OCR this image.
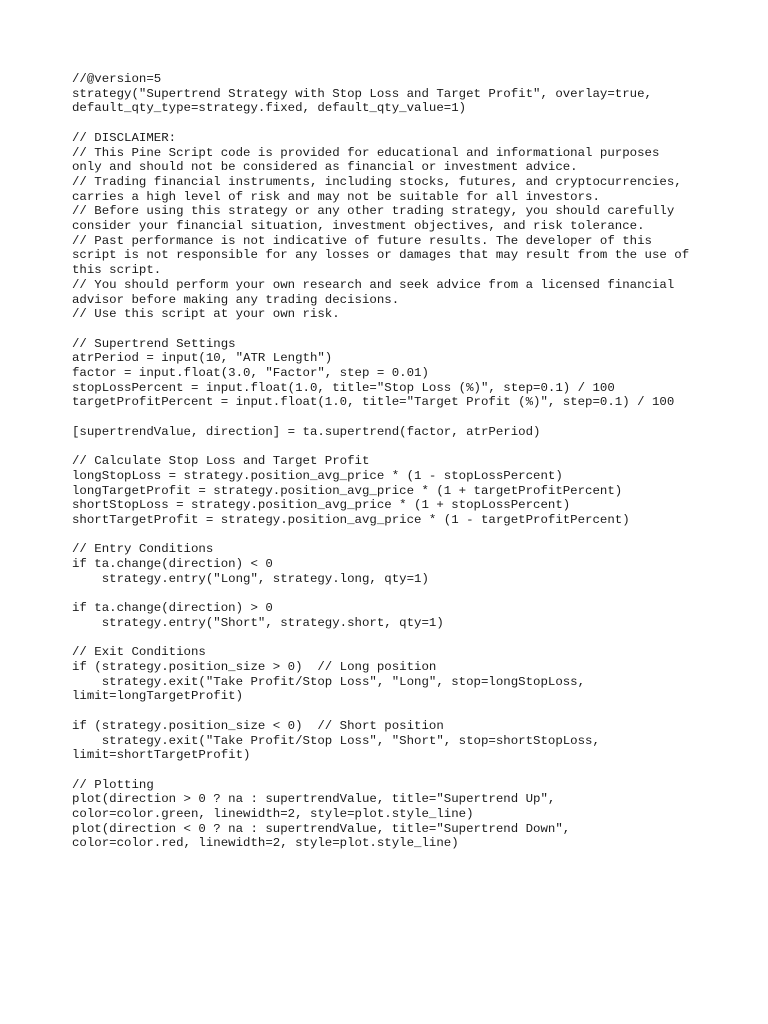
//@version=5
strategy("Supertrend Strategy with Stop Loss and Target Profit", overlay=true,
default_qty_type=strategy.fixed, default_qty_value=1)
// DISCLAIMER:
// This Pine Script code is provided for educational and informational purposes
only and should not be considered as financial or investment advice.
// Trading financial instruments, including stocks, futures, and cryptocurrencies,
carries a high level of risk and may not be suitable for all investors.
// Before using this strategy or any other trading strategy, you should carefully
consider your financial situation, investment objectives, and risk tolerance.
// Past performance is not indicative of future results. The developer of this
script is not responsible for any losses or damages that may result from the use of
this script.
// You should perform your own research and seek advice from a licensed financial
advisor before making any trading decisions.
// Use this script at your own risk.
// Supertrend Settings
atrPeriod = input(10, "ATR Length")
factor = input.float(3.0, "Factor", step = 0.01)
stopLossPercent = input.float(1.0, title="Stop Loss (%)", step=0.1) / 100
targetProfitPercent = input.float(1.0, title="Target Profit (%)", step=0.1) / 100
[supertrendValue, direction] = ta.supertrend(factor, atrPeriod)
// Calculate Stop Loss and Target Profit
longStopLoss = strategy.position_avg_price * (1 - stopLossPercent)
longTargetProfit = strategy.position_avg_price * (1 + targetProfitPercent)
shortStopLoss = strategy.position_avg_price * (1 + stopLossPercent)
shortTargetProfit = strategy.position_avg_price * (1 - targetProfitPercent)
// Entry Conditions
if ta.change(direction) < 0
strategy.entry("Long", strategy.long, qty=1)
if ta.change(direction) > 0
strategy.entry("Short", strategy.short, qty=1)
// Exit Conditions
if (strategy.position_size > 0)  // Long position
strategy.exit("Take Profit/Stop Loss", "Long", stop=longStopLoss,
limit=longTargetProfit)
if (strategy.position_size < 0)  // Short position
strategy.exit("Take Profit/Stop Loss", "Short", stop=shortStopLoss,
limit=shortTargetProfit)
// Plotting
plot(direction > 0 ? na : supertrendValue, title="Supertrend Up",
color=color.green, linewidth=2, style=plot.style_line)
plot(direction < 0 ? na : supertrendValue, title="Supertrend Down",
color=color.red, linewidth=2, style=plot.style_line)
